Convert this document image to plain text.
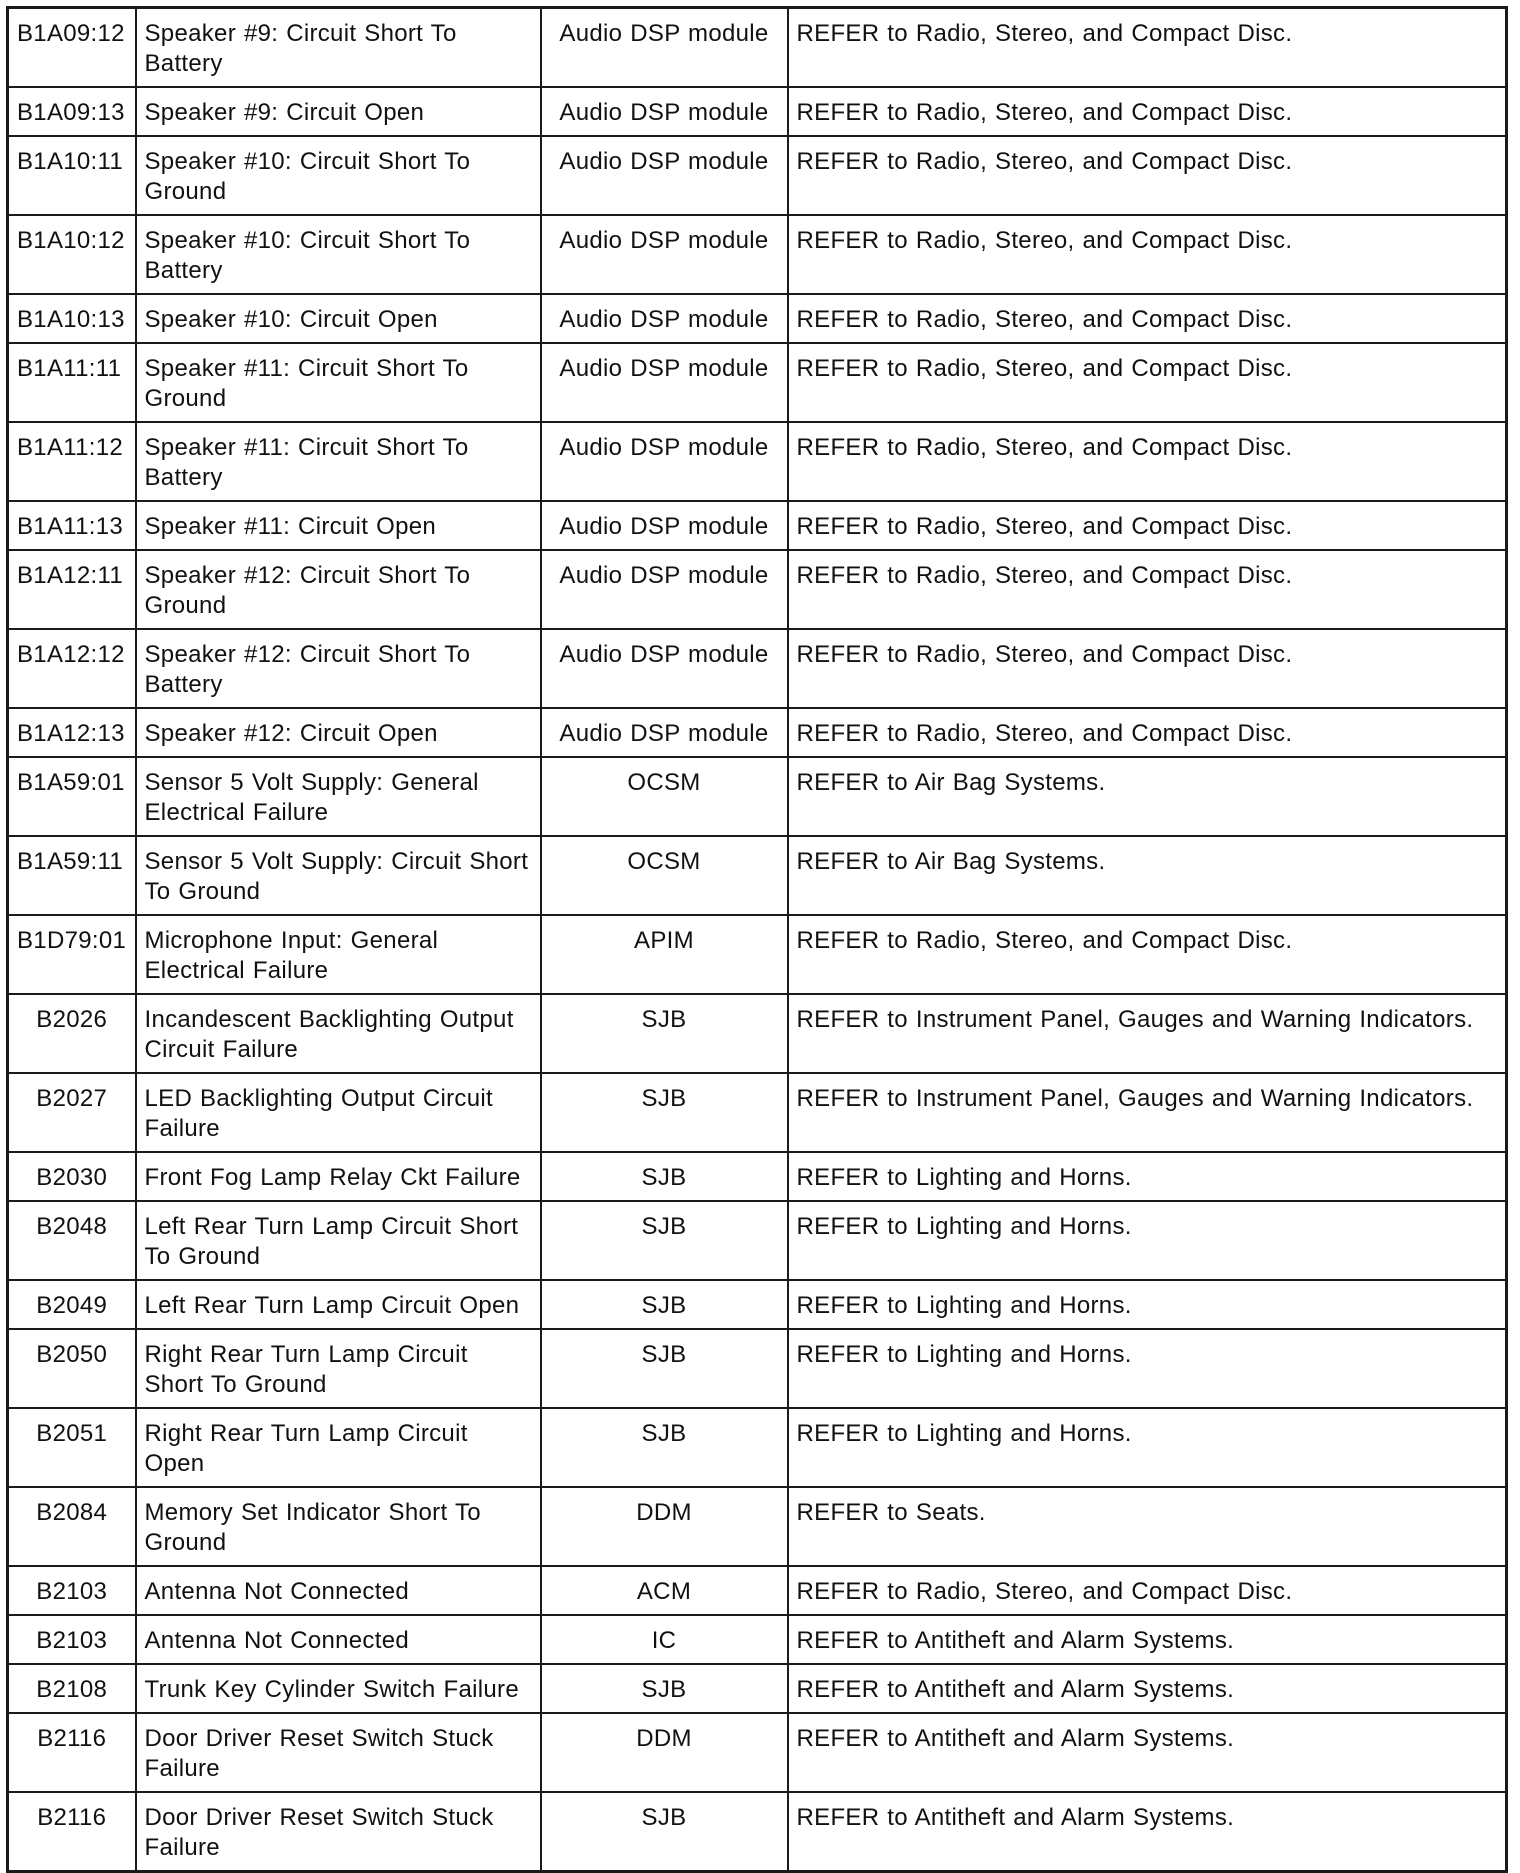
B1A09:12	Speaker #9: Circuit Short To Battery	Audio DSP module	REFER to Radio, Stereo, and Compact Disc.
B1A09:13	Speaker #9: Circuit Open	Audio DSP module	REFER to Radio, Stereo, and Compact Disc.
B1A10:11	Speaker #10: Circuit Short To Ground	Audio DSP module	REFER to Radio, Stereo, and Compact Disc.
B1A10:12	Speaker #10: Circuit Short To Battery	Audio DSP module	REFER to Radio, Stereo, and Compact Disc.
B1A10:13	Speaker #10: Circuit Open	Audio DSP module	REFER to Radio, Stereo, and Compact Disc.
B1A11:11	Speaker #11: Circuit Short To Ground	Audio DSP module	REFER to Radio, Stereo, and Compact Disc.
B1A11:12	Speaker #11: Circuit Short To Battery	Audio DSP module	REFER to Radio, Stereo, and Compact Disc.
B1A11:13	Speaker #11: Circuit Open	Audio DSP module	REFER to Radio, Stereo, and Compact Disc.
B1A12:11	Speaker #12: Circuit Short To Ground	Audio DSP module	REFER to Radio, Stereo, and Compact Disc.
B1A12:12	Speaker #12: Circuit Short To Battery	Audio DSP module	REFER to Radio, Stereo, and Compact Disc.
B1A12:13	Speaker #12: Circuit Open	Audio DSP module	REFER to Radio, Stereo, and Compact Disc.
B1A59:01	Sensor 5 Volt Supply: General Electrical Failure	OCSM	REFER to Air Bag Systems.
B1A59:11	Sensor 5 Volt Supply: Circuit Short To Ground	OCSM	REFER to Air Bag Systems.
B1D79:01	Microphone Input: General Electrical Failure	APIM	REFER to Radio, Stereo, and Compact Disc.
B2026	Incandescent Backlighting Output Circuit Failure	SJB	REFER to Instrument Panel, Gauges and Warning Indicators.
B2027	LED Backlighting Output Circuit Failure	SJB	REFER to Instrument Panel, Gauges and Warning Indicators.
B2030	Front Fog Lamp Relay Ckt Failure	SJB	REFER to Lighting and Horns.
B2048	Left Rear Turn Lamp Circuit Short To Ground	SJB	REFER to Lighting and Horns.
B2049	Left Rear Turn Lamp Circuit Open	SJB	REFER to Lighting and Horns.
B2050	Right Rear Turn Lamp Circuit Short To Ground	SJB	REFER to Lighting and Horns.
B2051	Right Rear Turn Lamp Circuit Open	SJB	REFER to Lighting and Horns.
B2084	Memory Set Indicator Short To Ground	DDM	REFER to Seats.
B2103	Antenna Not Connected	ACM	REFER to Radio, Stereo, and Compact Disc.
B2103	Antenna Not Connected	IC	REFER to Antitheft and Alarm Systems.
B2108	Trunk Key Cylinder Switch Failure	SJB	REFER to Antitheft and Alarm Systems.
B2116	Door Driver Reset Switch Stuck Failure	DDM	REFER to Antitheft and Alarm Systems.
B2116	Door Driver Reset Switch Stuck Failure	SJB	REFER to Antitheft and Alarm Systems.
